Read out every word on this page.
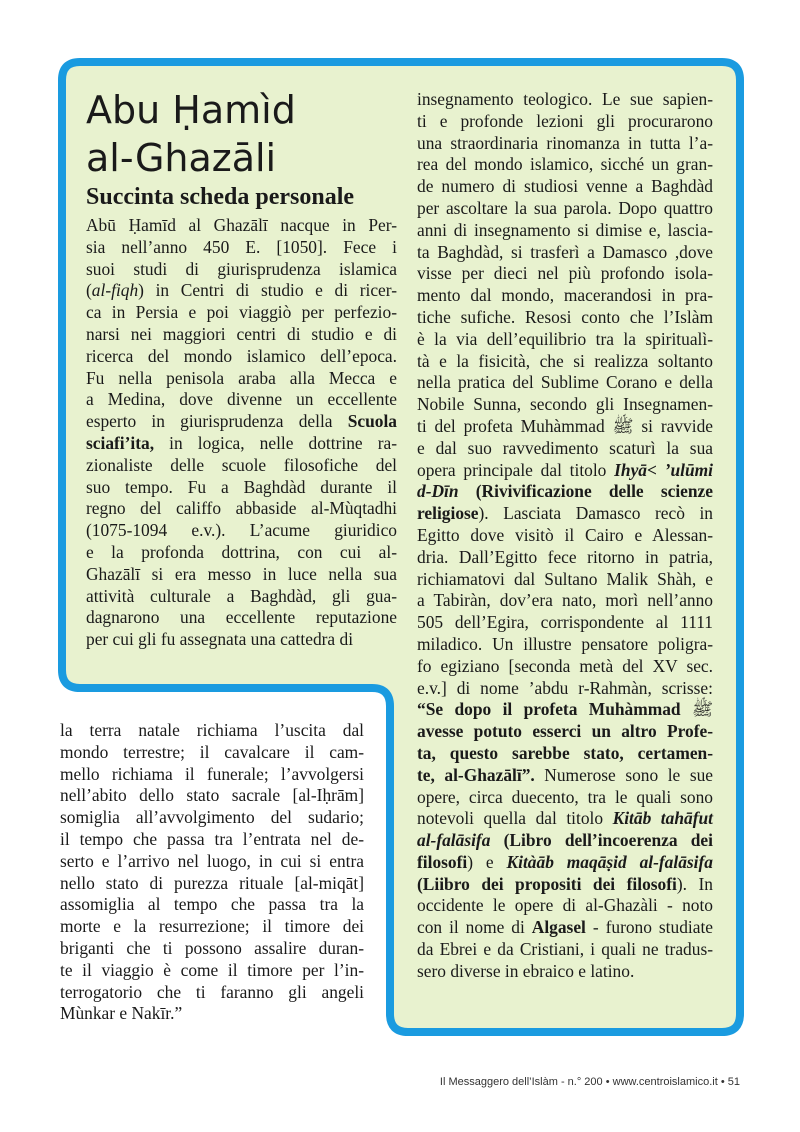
Abu Ḥamìd
al-Ghazāli
Succinta scheda personale
Abū Ḥamīd al Ghazālī nacque in Per-
sia nell’anno 450 E. [1050]. Fece i
suoi studi di giurisprudenza islamica
(al-fiqh) in Centri di studio e di ricer-
ca in Persia e poi viaggiò per perfezio-
narsi nei maggiori centri di studio e di
ricerca del mondo islamico dell’epoca.
Fu nella penisola araba alla Mecca e
a Medina, dove divenne un eccellente
esperto in giurisprudenza della Scuola
sciafi’ita, in logica, nelle dottrine ra-
zionaliste delle scuole filosofiche del
suo tempo. Fu a Baghdàd durante il
regno del califfo abbaside al-Mùqtadhi
(1075-1094 e.v.). L’acume giuridico
e la profonda dottrina, con cui al-
Ghazālī si era messo in luce nella sua
attività culturale a Baghdàd, gli gua-
dagnarono una eccellente reputazione
per cui gli fu assegnata una cattedra di
insegnamento teologico. Le sue sapien-
ti e profonde lezioni gli procurarono
una straordinaria rinomanza in tutta l’a-
rea del mondo islamico, sicché un gran-
de numero di studiosi venne a Baghdàd
per ascoltare la sua parola. Dopo quattro
anni di insegnamento si dimise e, lascia-
ta Baghdàd, si trasferì a Damasco ,dove
visse per dieci nel più profondo isola-
mento dal mondo, macerandosi in pra-
tiche sufiche. Resosi conto che l’Islàm
è la via dell’equilibrio tra la spiritualì-
tà e la fisicità, che si realizza soltanto
nella pratica del Sublime Corano e della
Nobile Sunna, secondo gli Insegnamen-
ti del profeta Muhàmmad ﷺ si ravvide
e dal suo ravvedimento scaturì la sua
opera principale dal titolo Ihyā< ’ulūmi
d-Dīn (Rivivificazione delle scienze
religiose). Lasciata Damasco recò in
Egitto dove visitò il Cairo e Alessan-
dria. Dall’Egitto fece ritorno in patria,
richiamatovi dal Sultano Malik Shàh, e
a Tabiràn, dov’era nato, morì nell’anno
505 dell’Egira, corrispondente al 1111
miladico. Un illustre pensatore poligra-
fo egiziano [seconda metà del XV sec.
e.v.] di nome ’abdu r-Rahmàn, scrisse:
“Se dopo il profeta Muhàmmad ﷺ
avesse potuto esserci un altro Profe-
ta, questo sarebbe stato, certamen-
te, al-Ghazālī”. Numerose sono le sue
opere, circa duecento, tra le quali sono
notevoli quella dal titolo Kitāb tahāfut
al-falāsifa (Libro dell’incoerenza dei
filosofi) e Kitàāb maqāṣid al-falāsifa
(Liibro dei propositi dei filosofi). In
occidente le opere di al-Ghazàli - noto
con il nome di Algasel - furono studiate
da Ebrei e da Cristiani, i quali ne tradus-
sero diverse in ebraico e latino.
la terra natale richiama l’uscita dal
mondo terrestre; il cavalcare il cam-
mello richiama il funerale; l’avvolgersi
nell’abito dello stato sacrale [al-Iḥrām]
somiglia all’avvolgimento del sudario;
il tempo che passa tra l’entrata nel de-
serto e l’arrivo nel luogo, in cui si entra
nello stato di purezza rituale [al-miqāt]
assomiglia al tempo che passa tra la
morte e la resurrezione; il timore dei
briganti che ti possono assalire duran-
te il viaggio è come il timore per l’in-
terrogatorio che ti faranno gli angeli
Mùnkar e Nakīr.”
Il Messaggero dell’Islàm - n.° 200 • www.centroislamico.it • 51
